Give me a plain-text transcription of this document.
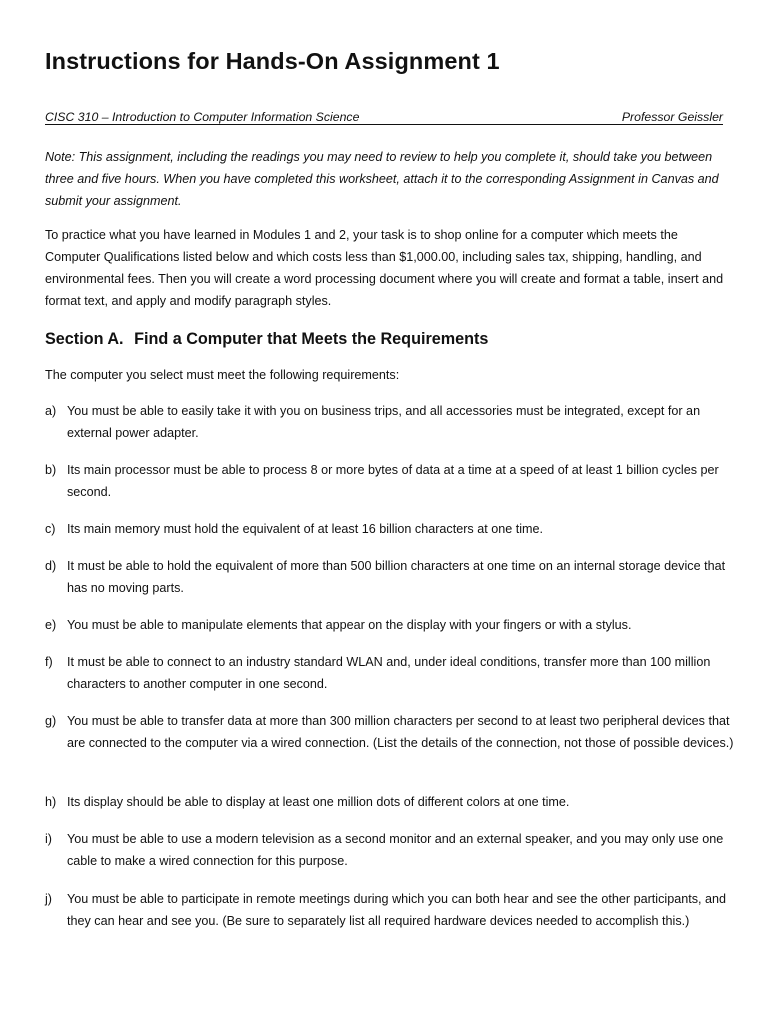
Instructions for Hands-On Assignment 1
CISC 310 – Introduction to Computer Information Science	Professor Geissler

Note: This assignment, including the readings you may need to review to help you complete it, should take you between three and five hours. When you have completed this worksheet, attach it to the corresponding Assignment in Canvas and submit your assignment.

To practice what you have learned in Modules 1 and 2, your task is to shop online for a computer which meets the Computer Qualifications listed below and which costs less than $1,000.00, including sales tax, shipping, handling, and environmental fees. Then you will create a word processing document where you will create and format a table, insert and format text, and apply and modify paragraph styles.

Section A. Find a Computer that Meets the Requirements

The computer you select must meet the following requirements:

a) You must be able to easily take it with you on business trips, and all accessories must be integrated, except for an external power adapter.
b) Its main processor must be able to process 8 or more bytes of data at a time at a speed of at least 1 billion cycles per second.
c) Its main memory must hold the equivalent of at least 16 billion characters at one time.
d) It must be able to hold the equivalent of more than 500 billion characters at one time on an internal storage device that has no moving parts.
e) You must be able to manipulate elements that appear on the display with your fingers or with a stylus.
f)	It must be able to connect to an industry standard WLAN and, under ideal conditions, transfer more than 100 million characters to another computer in one second.
g) You must be able to transfer data at more than 300 million characters per second to at least two peripheral devices that are connected to the computer via a wired connection. (List the details of the connection, not those of possible devices.)
h) Its display should be able to display at least one million dots of different colors at one time.
i)	You must be able to use a modern television as a second monitor and an external speaker, and you may only use one cable to make a wired connection for this purpose.
j)	You must be able to participate in remote meetings during which you can both hear and see the other participants, and they can hear and see you. (Be sure to separately list all required hardware devices needed to accomplish this.)
